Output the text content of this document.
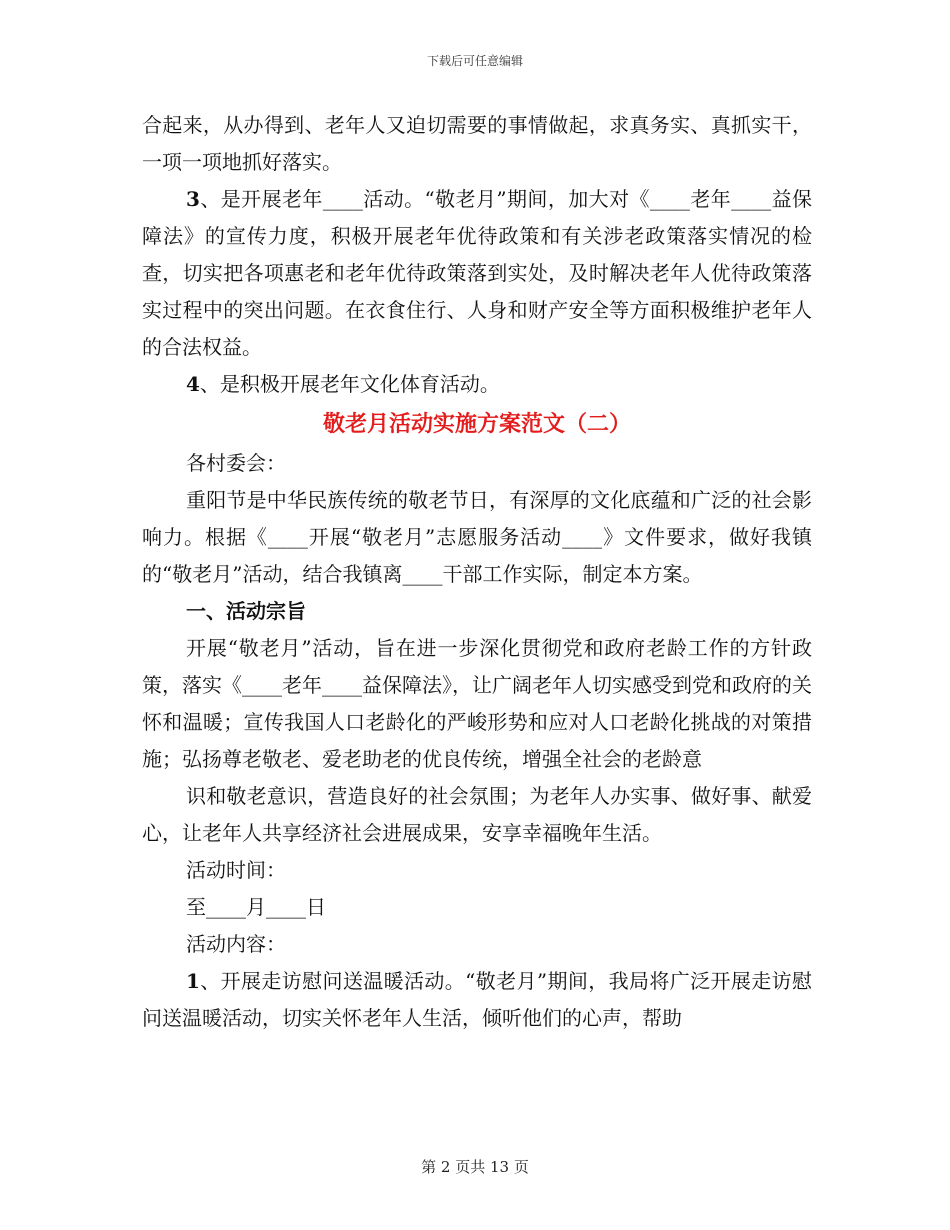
下载后可任意编辑

合起来，从办得到、老年人又迫切需要的事情做起，求真务实、真抓实干，一项一项地抓好落实。

3、是开展老年____活动。“敬老月”期间，加大对《____老年____益保障法》的宣传力度，积极开展老年优待政策和有关涉老政策落实情况的检查，切实把各项惠老和老年优待政策落到实处，及时解决老年人优待政策落实过程中的突出问题。在衣食住行、人身和财产安全等方面积极维护老年人的合法权益。

4、是积极开展老年文化体育活动。

敬老月活动实施方案范文（二）

各村委会：

重阳节是中华民族传统的敬老节日，有深厚的文化底蕴和广泛的社会影响力。根据《____开展“敬老月”志愿服务活动____》文件要求，做好我镇的“敬老月”活动，结合我镇离____干部工作实际，制定本方案。

一、活动宗旨

开展“敬老月”活动，旨在进一步深化贯彻党和政府老龄工作的方针政策，落实《____老年____益保障法》，让广阔老年人切实感受到党和政府的关怀和温暖；宣传我国人口老龄化的严峻形势和应对人口老龄化挑战的对策措施；弘扬尊老敬老、爱老助老的优良传统，增强全社会的老龄意

识和敬老意识，营造良好的社会氛围；为老年人办实事、做好事、献爱心，让老年人共享经济社会进展成果，安享幸福晚年生活。

活动时间：

至____月____日

活动内容：

1、开展走访慰问送温暖活动。“敬老月”期间，我局将广泛开展走访慰问送温暖活动，切实关怀老年人生活，倾听他们的心声，帮助

第 2 页共 13 页
